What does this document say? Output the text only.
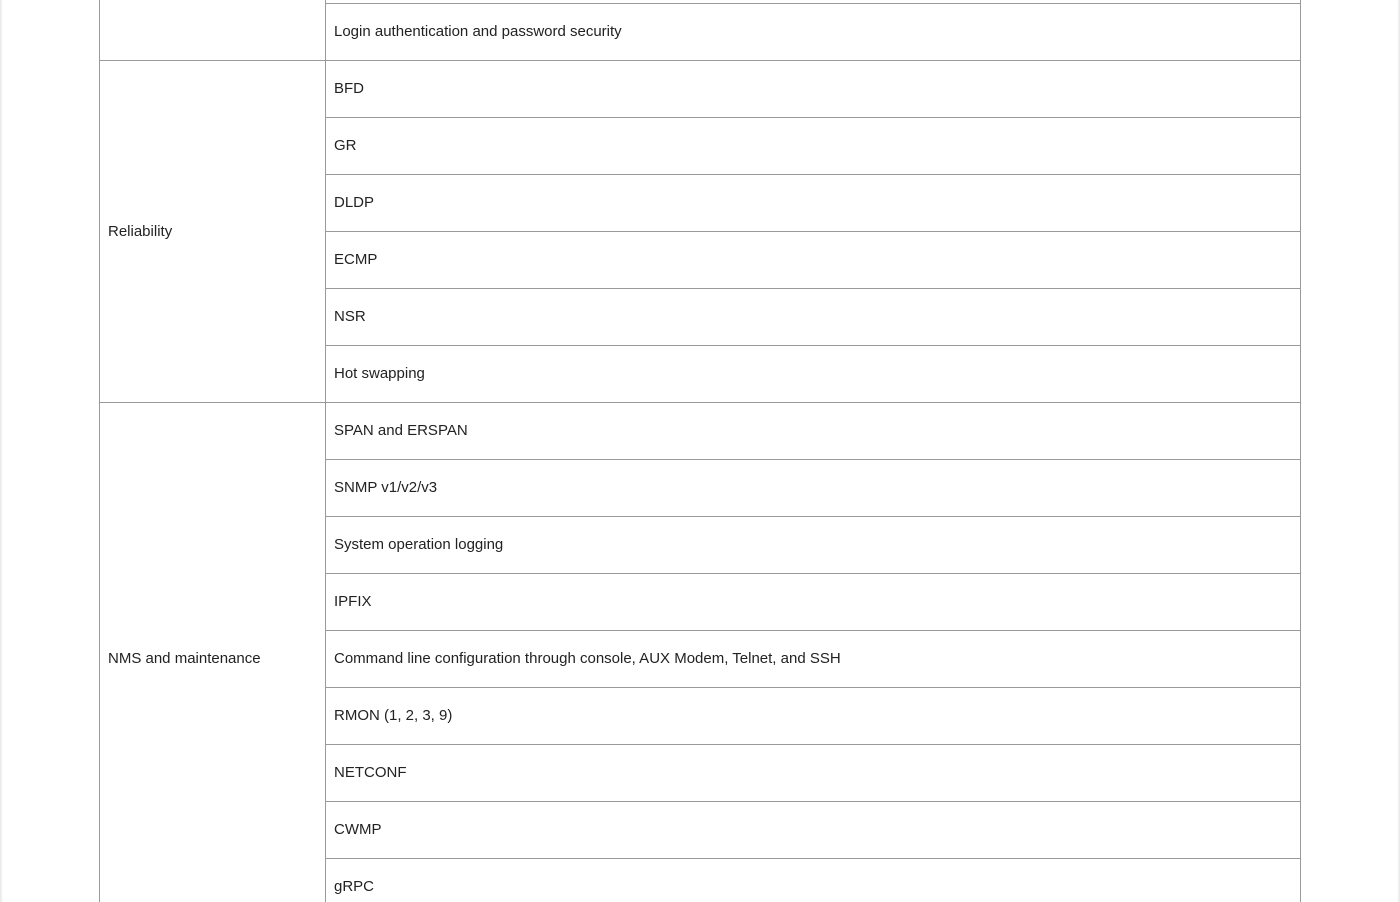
	Login authentication and password security
Reliability	BFD
	GR
	DLDP
	ECMP
	NSR
	Hot swapping
NMS and maintenance	SPAN and ERSPAN
	SNMP v1/v2/v3
	System operation logging
	IPFIX
	Command line configuration through console, AUX Modem, Telnet, and SSH
	RMON (1, 2, 3, 9)
	NETCONF
	CWMP
	gRPC
